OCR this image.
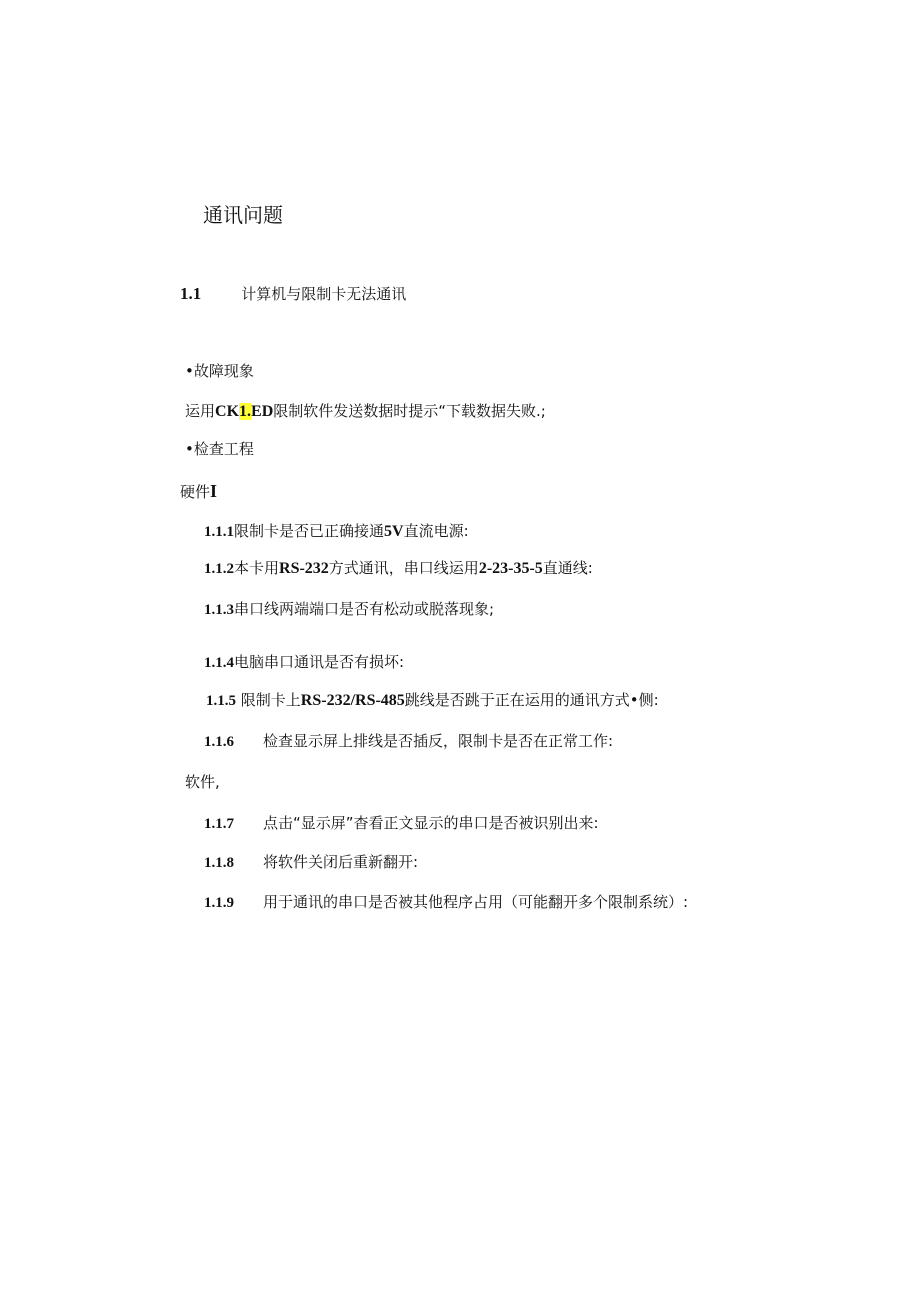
通讯问题
1.1	计算机与限制卡无法通讯
•故障现象
运用CK1.ED限制软件发送数据时提示“下载数据失败.;
•检查工程
硬件I
1.1.1限制卡是否已正确接通5V直流电源:
1.1.2本卡用RS-232方式通讯，串口线运用2-23-35-5直通线:
1.1.3串口线两端端口是否有松动或脱落现象;
1.1.4电脑串口通讯是否有损坏:
1.1.5 限制卡上RS-232/RS-485跳线是否跳于正在运用的通讯方式•侧:
1.1.6 检查显示屏上排线是否插反，限制卡是否在正常工作:
软件,
1.1.7 点击“显示屏”杳看正文显示的串口是否被识别出来:
1.1.8 将软件关闭后重新翻开:
1.1.9 用于通讯的串口是否被其他程序占用（可能翻开多个限制系统）:
